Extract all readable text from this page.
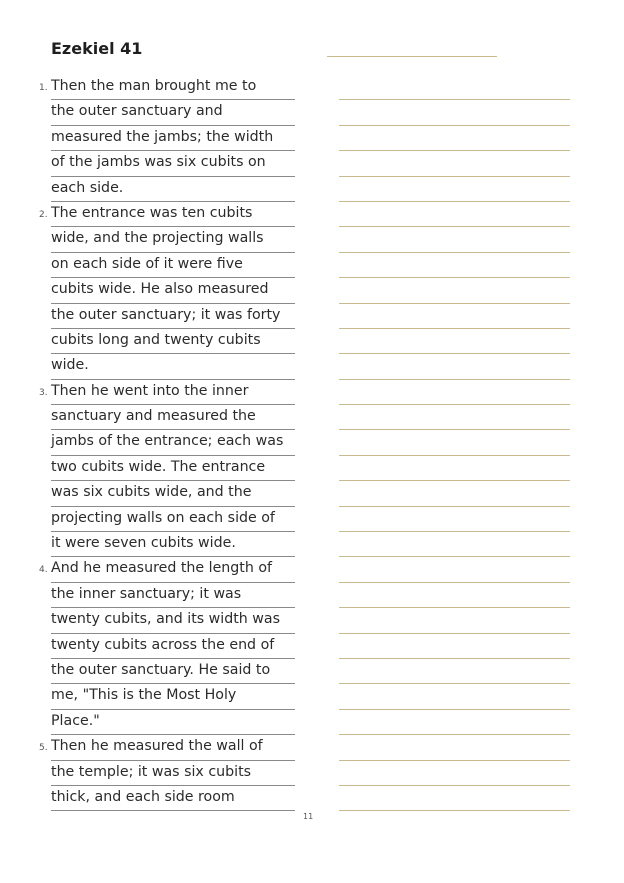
Ezekiel 41
1. Then the man brought me to
the outer sanctuary and
measured the jambs; the width
of the jambs was six cubits on
each side.
2. The entrance was ten cubits
wide, and the projecting walls
on each side of it were five
cubits wide. He also measured
the outer sanctuary; it was forty
cubits long and twenty cubits
wide.
3. Then he went into the inner
sanctuary and measured the
jambs of the entrance; each was
two cubits wide. The entrance
was six cubits wide, and the
projecting walls on each side of
it were seven cubits wide.
4. And he measured the length of
the inner sanctuary; it was
twenty cubits, and its width was
twenty cubits across the end of
the outer sanctuary. He said to
me, "This is the Most Holy
Place."
5. Then he measured the wall of
the temple; it was six cubits
thick, and each side room
11
